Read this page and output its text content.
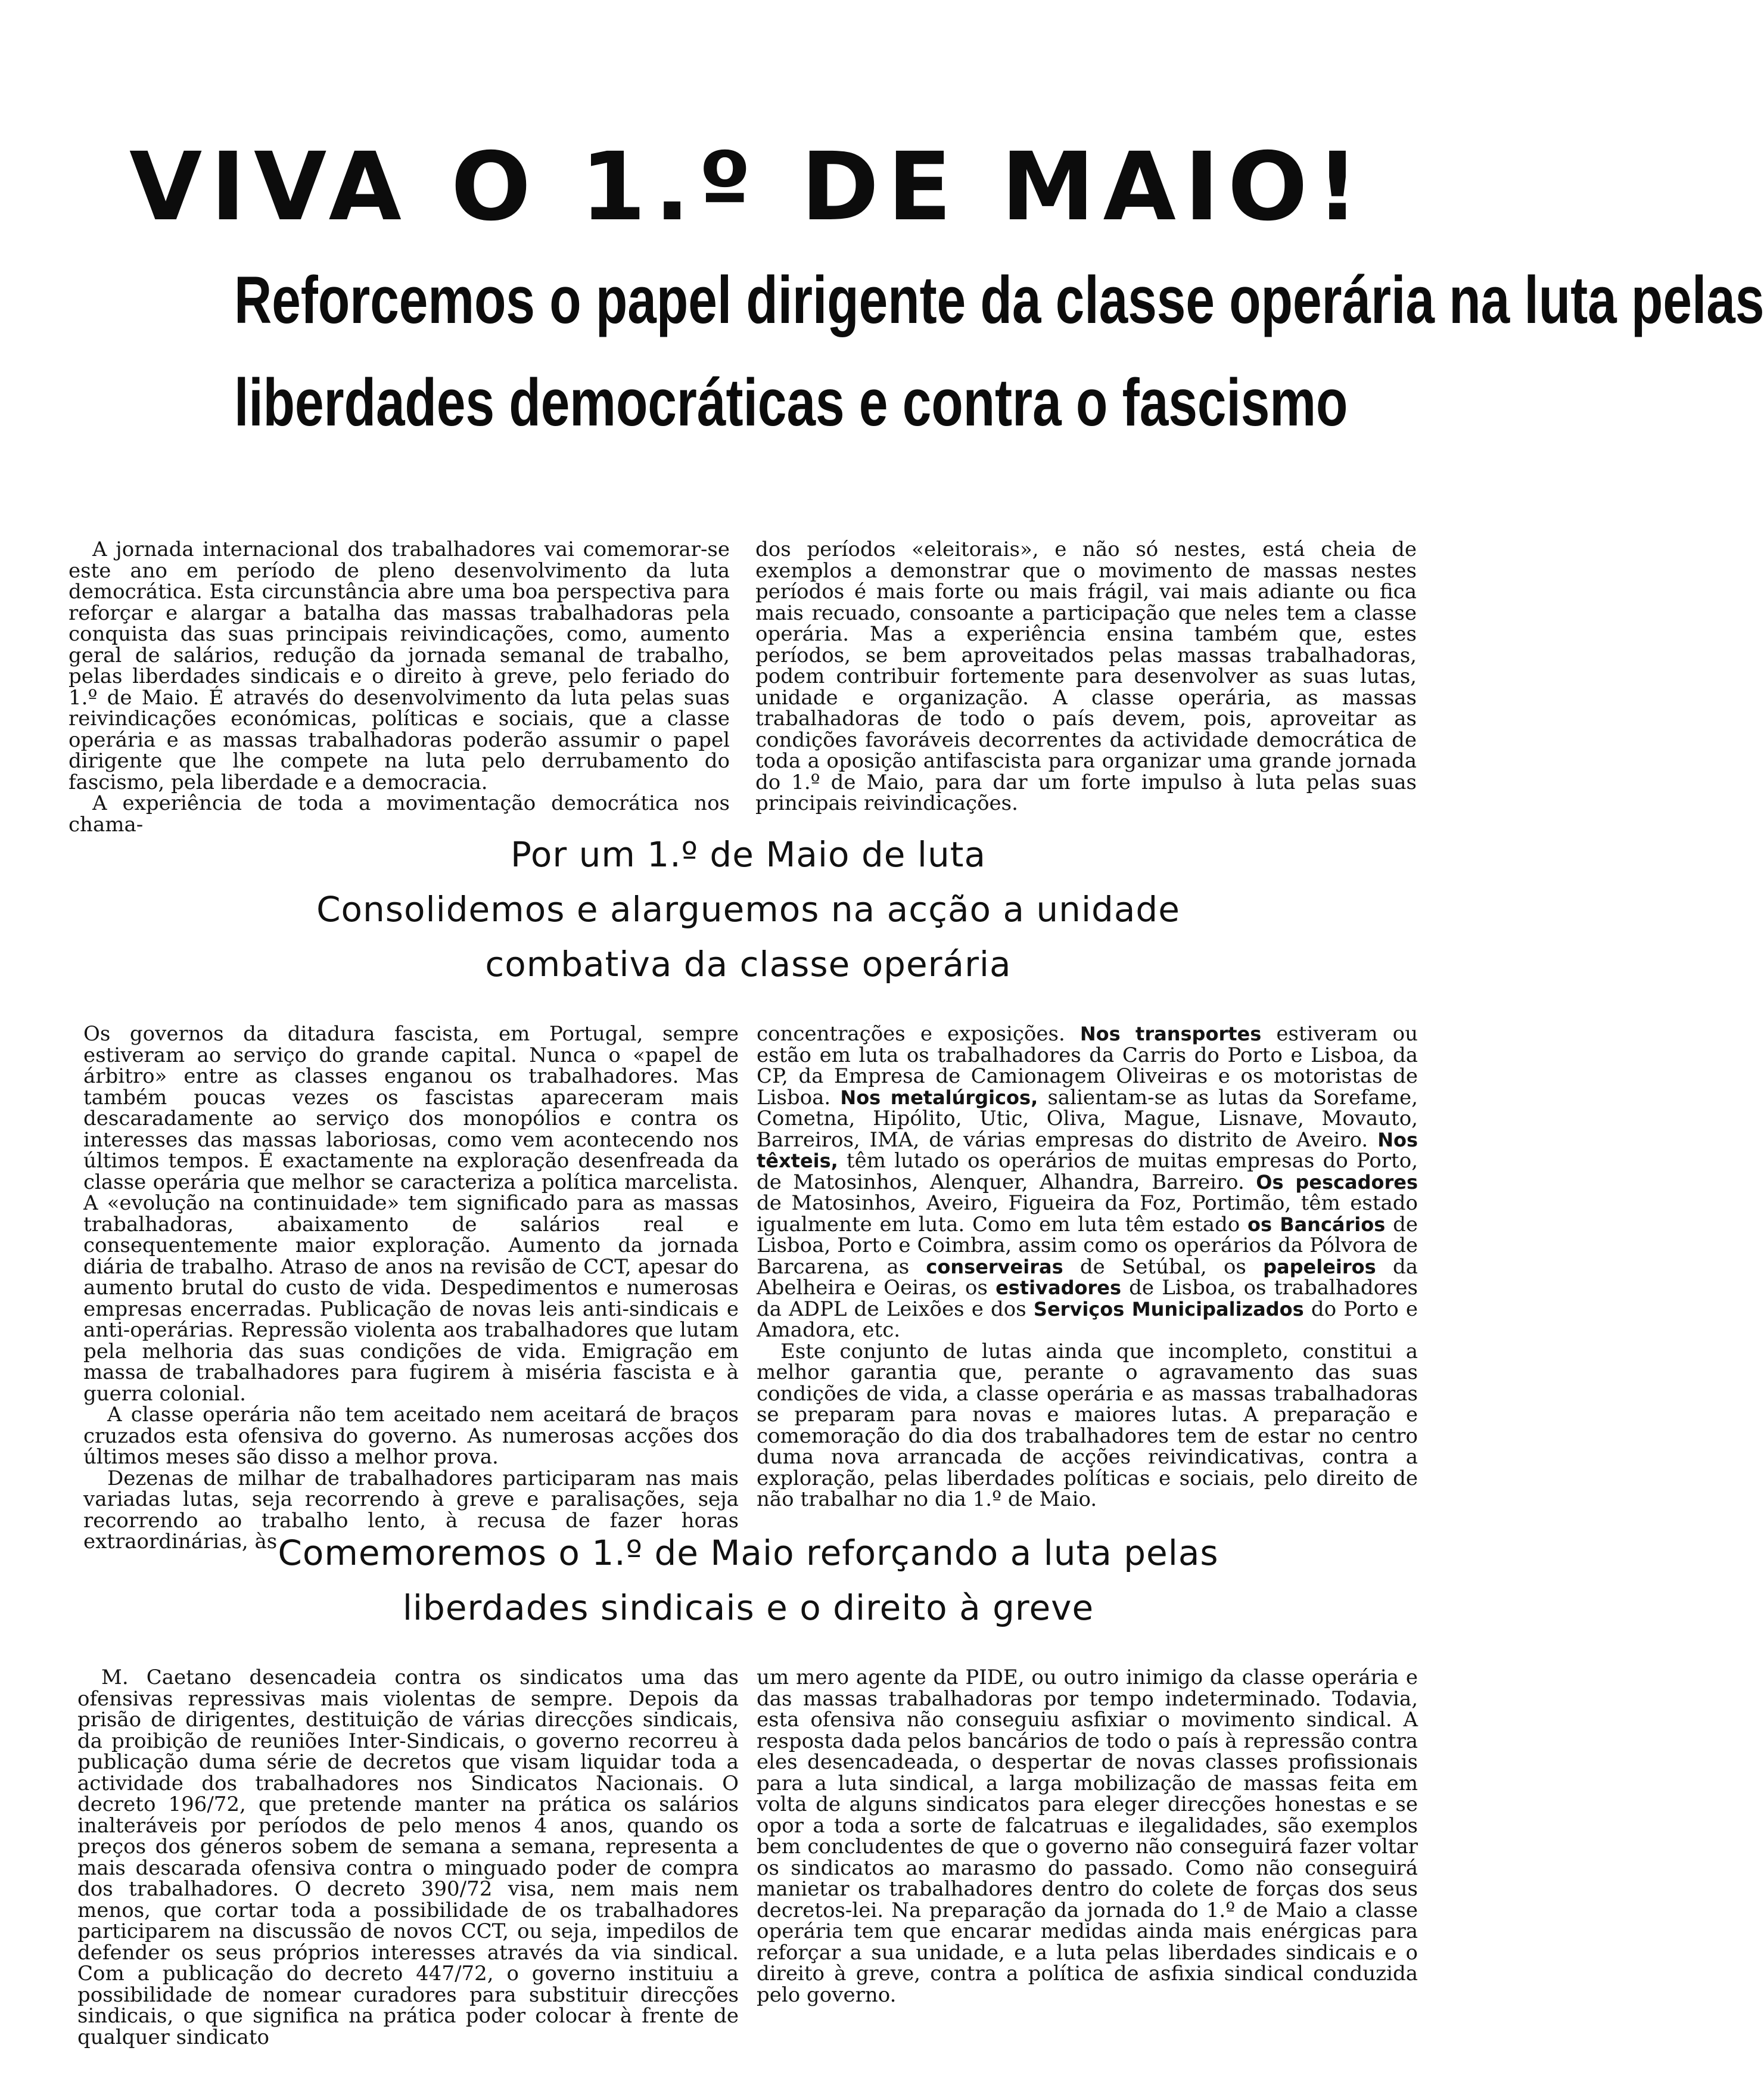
VIVA O 1.º DE MAIO!
Reforcemos o papel dirigente da classe operária na luta pelas
liberdades democráticas e contra o fascismo

A jornada internacional dos trabalhadores vai comemorar-se este ano em período de pleno desenvolvimento da luta democrática. Esta circunstância abre uma boa perspectiva para reforçar e alargar a batalha das massas trabalhadoras pela conquista das suas principais reivindicações, como, aumento geral de salários, redução da jornada semanal de trabalho, pelas liberdades sindicais e o direito à greve, pelo feriado do 1.º de Maio. É através do desenvolvimento da luta pelas suas reivindicações económicas, políticas e sociais, que a classe operária e as massas trabalhadoras poderão assumir o papel dirigente que lhe compete na luta pelo derrubamento do fascismo, pela liberdade e a democracia.

A experiência de toda a movimentação democrática nos chama-

dos períodos «eleitorais», e não só nestes, está cheia de exemplos a demonstrar que o movimento de massas nestes períodos é mais forte ou mais frágil, vai mais adiante ou fica mais recuado, consoante a participação que neles tem a classe operária. Mas a experiência ensina também que, estes períodos, se bem aproveitados pelas massas trabalhadoras, podem contribuir fortemente para desenvolver as suas lutas, unidade e organização. A classe operária, as massas trabalhadoras de todo o país devem, pois, aproveitar as condições favoráveis decorrentes da actividade democrática de toda a oposição antifascista para organizar uma grande jornada do 1.º de Maio, para dar um forte impulso à luta pelas suas principais reivindicações.

Por um 1.º de Maio de luta
Consolidemos e alarguemos na acção a unidade
combativa da classe operária

Os governos da ditadura fascista, em Portugal, sempre estiveram ao serviço do grande capital. Nunca o «papel de árbitro» entre as classes enganou os trabalhadores. Mas também poucas vezes os fascistas apareceram mais descaradamente ao serviço dos monopólios e contra os interesses das massas laboriosas, como vem acontecendo nos últimos tempos. É exactamente na exploração desenfreada da classe operária que melhor se caracteriza a política marcelista. A «evolução na continuidade» tem significado para as massas trabalhadoras, abaixamento de salários real e consequentemente maior exploração. Aumento da jornada diária de trabalho. Atraso de anos na revisão de CCT, apesar do aumento brutal do custo de vida. Despedimentos e numerosas empresas encerradas. Publicação de novas leis anti-sindicais e anti-operárias. Repressão violenta aos trabalhadores que lutam pela melhoria das suas condições de vida. Emigração em massa de trabalhadores para fugirem à miséria fascista e à guerra colonial.

A classe operária não tem aceitado nem aceitará de braços cruzados esta ofensiva do governo. As numerosas acções dos últimos meses são disso a melhor prova.

Dezenas de milhar de trabalhadores participaram nas mais variadas lutas, seja recorrendo à greve e paralisações, seja recorrendo ao trabalho lento, à recusa de fazer horas extraordinárias, às

concentrações e exposições. Nos transportes estiveram ou estão em luta os trabalhadores da Carris do Porto e Lisboa, da CP, da Empresa de Camionagem Oliveiras e os motoristas de Lisboa. Nos metalúrgicos, salientam-se as lutas da Sorefame, Cometna, Hipólito, Utic, Oliva, Mague, Lisnave, Movauto, Barreiros, IMA, de várias empresas do distrito de Aveiro. Nos têxteis, têm lutado os operários de muitas empresas do Porto, de Matosinhos, Alenquer, Alhandra, Barreiro. Os pescadores de Matosinhos, Aveiro, Figueira da Foz, Portimão, têm estado igualmente em luta. Como em luta têm estado os Bancários de Lisboa, Porto e Coimbra, assim como os operários da Pólvora de Barcarena, as conserveiras de Setúbal, os papeleiros da Abelheira e Oeiras, os estivadores de Lisboa, os trabalhadores da ADPL de Leixões e dos Serviços Municipalizados do Porto e Amadora, etc.

Este conjunto de lutas ainda que incompleto, constitui a melhor garantia que, perante o agravamento das suas condições de vida, a classe operária e as massas trabalhadoras se preparam para novas e maiores lutas. A preparação e comemoração do dia dos trabalhadores tem de estar no centro duma nova arrancada de acções reivindicativas, contra a exploração, pelas liberdades políticas e sociais, pelo direito de não trabalhar no dia 1.º de Maio.

Comemoremos o 1.º de Maio reforçando a luta pelas
liberdades sindicais e o direito à greve

M. Caetano desencadeia contra os sindicatos uma das ofensivas repressivas mais violentas de sempre. Depois da prisão de dirigentes, destituição de várias direcções sindicais, da proibição de reuniões Inter-Sindicais, o governo recorreu à publicação duma série de decretos que visam liquidar toda a actividade dos trabalhadores nos Sindicatos Nacionais. O decreto 196/72, que pretende manter na prática os salários inalteráveis por períodos de pelo menos 4 anos, quando os preços dos géneros sobem de semana a semana, representa a mais descarada ofensiva contra o minguado poder de compra dos trabalhadores. O decreto 390/72 visa, nem mais nem menos, que cortar toda a possibilidade de os trabalhadores participarem na discussão de novos CCT, ou seja, impedilos de defender os seus próprios interesses através da via sindical. Com a publicação do decreto 447/72, o governo instituiu a possibilidade de nomear curadores para substituir direcções sindicais, o que significa na prática poder colocar à frente de qualquer sindicato

um mero agente da PIDE, ou outro inimigo da classe operária e das massas trabalhadoras por tempo indeterminado. Todavia, esta ofensiva não conseguiu asfixiar o movimento sindical. A resposta dada pelos bancários de todo o país à repressão contra eles desencadeada, o despertar de novas classes profissionais para a luta sindical, a larga mobilização de massas feita em volta de alguns sindicatos para eleger direcções honestas e se opor a toda a sorte de falcatruas e ilegalidades, são exemplos bem concludentes de que o governo não conseguirá fazer voltar os sindicatos ao marasmo do passado. Como não conseguirá manietar os trabalhadores dentro do colete de forças dos seus decretos-lei. Na preparação da jornada do 1.º de Maio a classe operária tem que encarar medidas ainda mais enérgicas para reforçar a sua unidade, e a luta pelas liberdades sindicais e o direito à greve, contra a política de asfixia sindical conduzida pelo governo.
